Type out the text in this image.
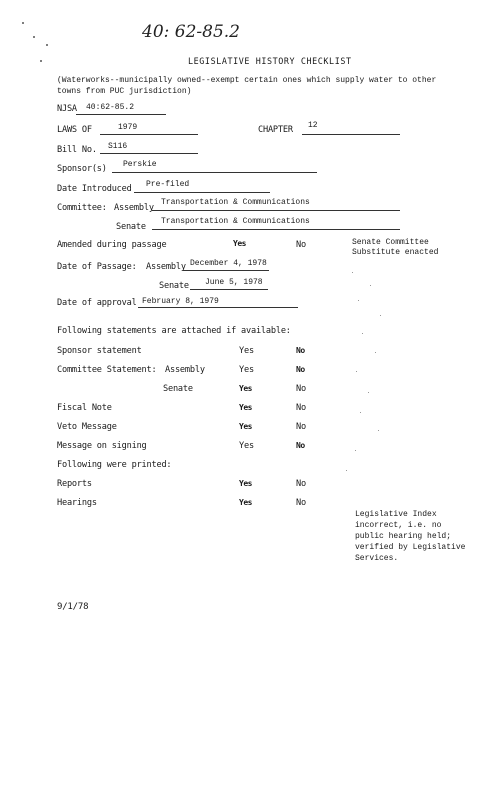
40: 62-85.2
LEGISLATIVE HISTORY CHECKLIST
(Waterworks--municipally owned--exempt certain ones which supply water to other towns from PUC jurisdiction)
NJSA 40:62-85.2
LAWS OF	1979	CHAPTER 12
Bill No. S116
Sponsor(s) Perskie
Date Introduced Pre-filed
Committee: Assembly
Transportation & Communications
Senate
Transportation & Communications
Amended during passage	Yes	No	Senate Committee Substitute enacted
Date of Passage: Assembly December 4, 1978
Senate June 5, 1978
Date of approval February 8, 1979
Following statements are attached if available:
Sponsor statement	Yes	No
Committee Statement: Assembly	Yes	No
Senate	Yes	No
Fiscal Note	Yes	No
Veto Message	Yes	No
Message on signing	Yes	No
Following were printed:
Reports	Yes	No
Hearings	Yes	No
Legislative Index
incorrect, i.e. no
public hearing held;
verified by Legislative
Services.
9/1/78
